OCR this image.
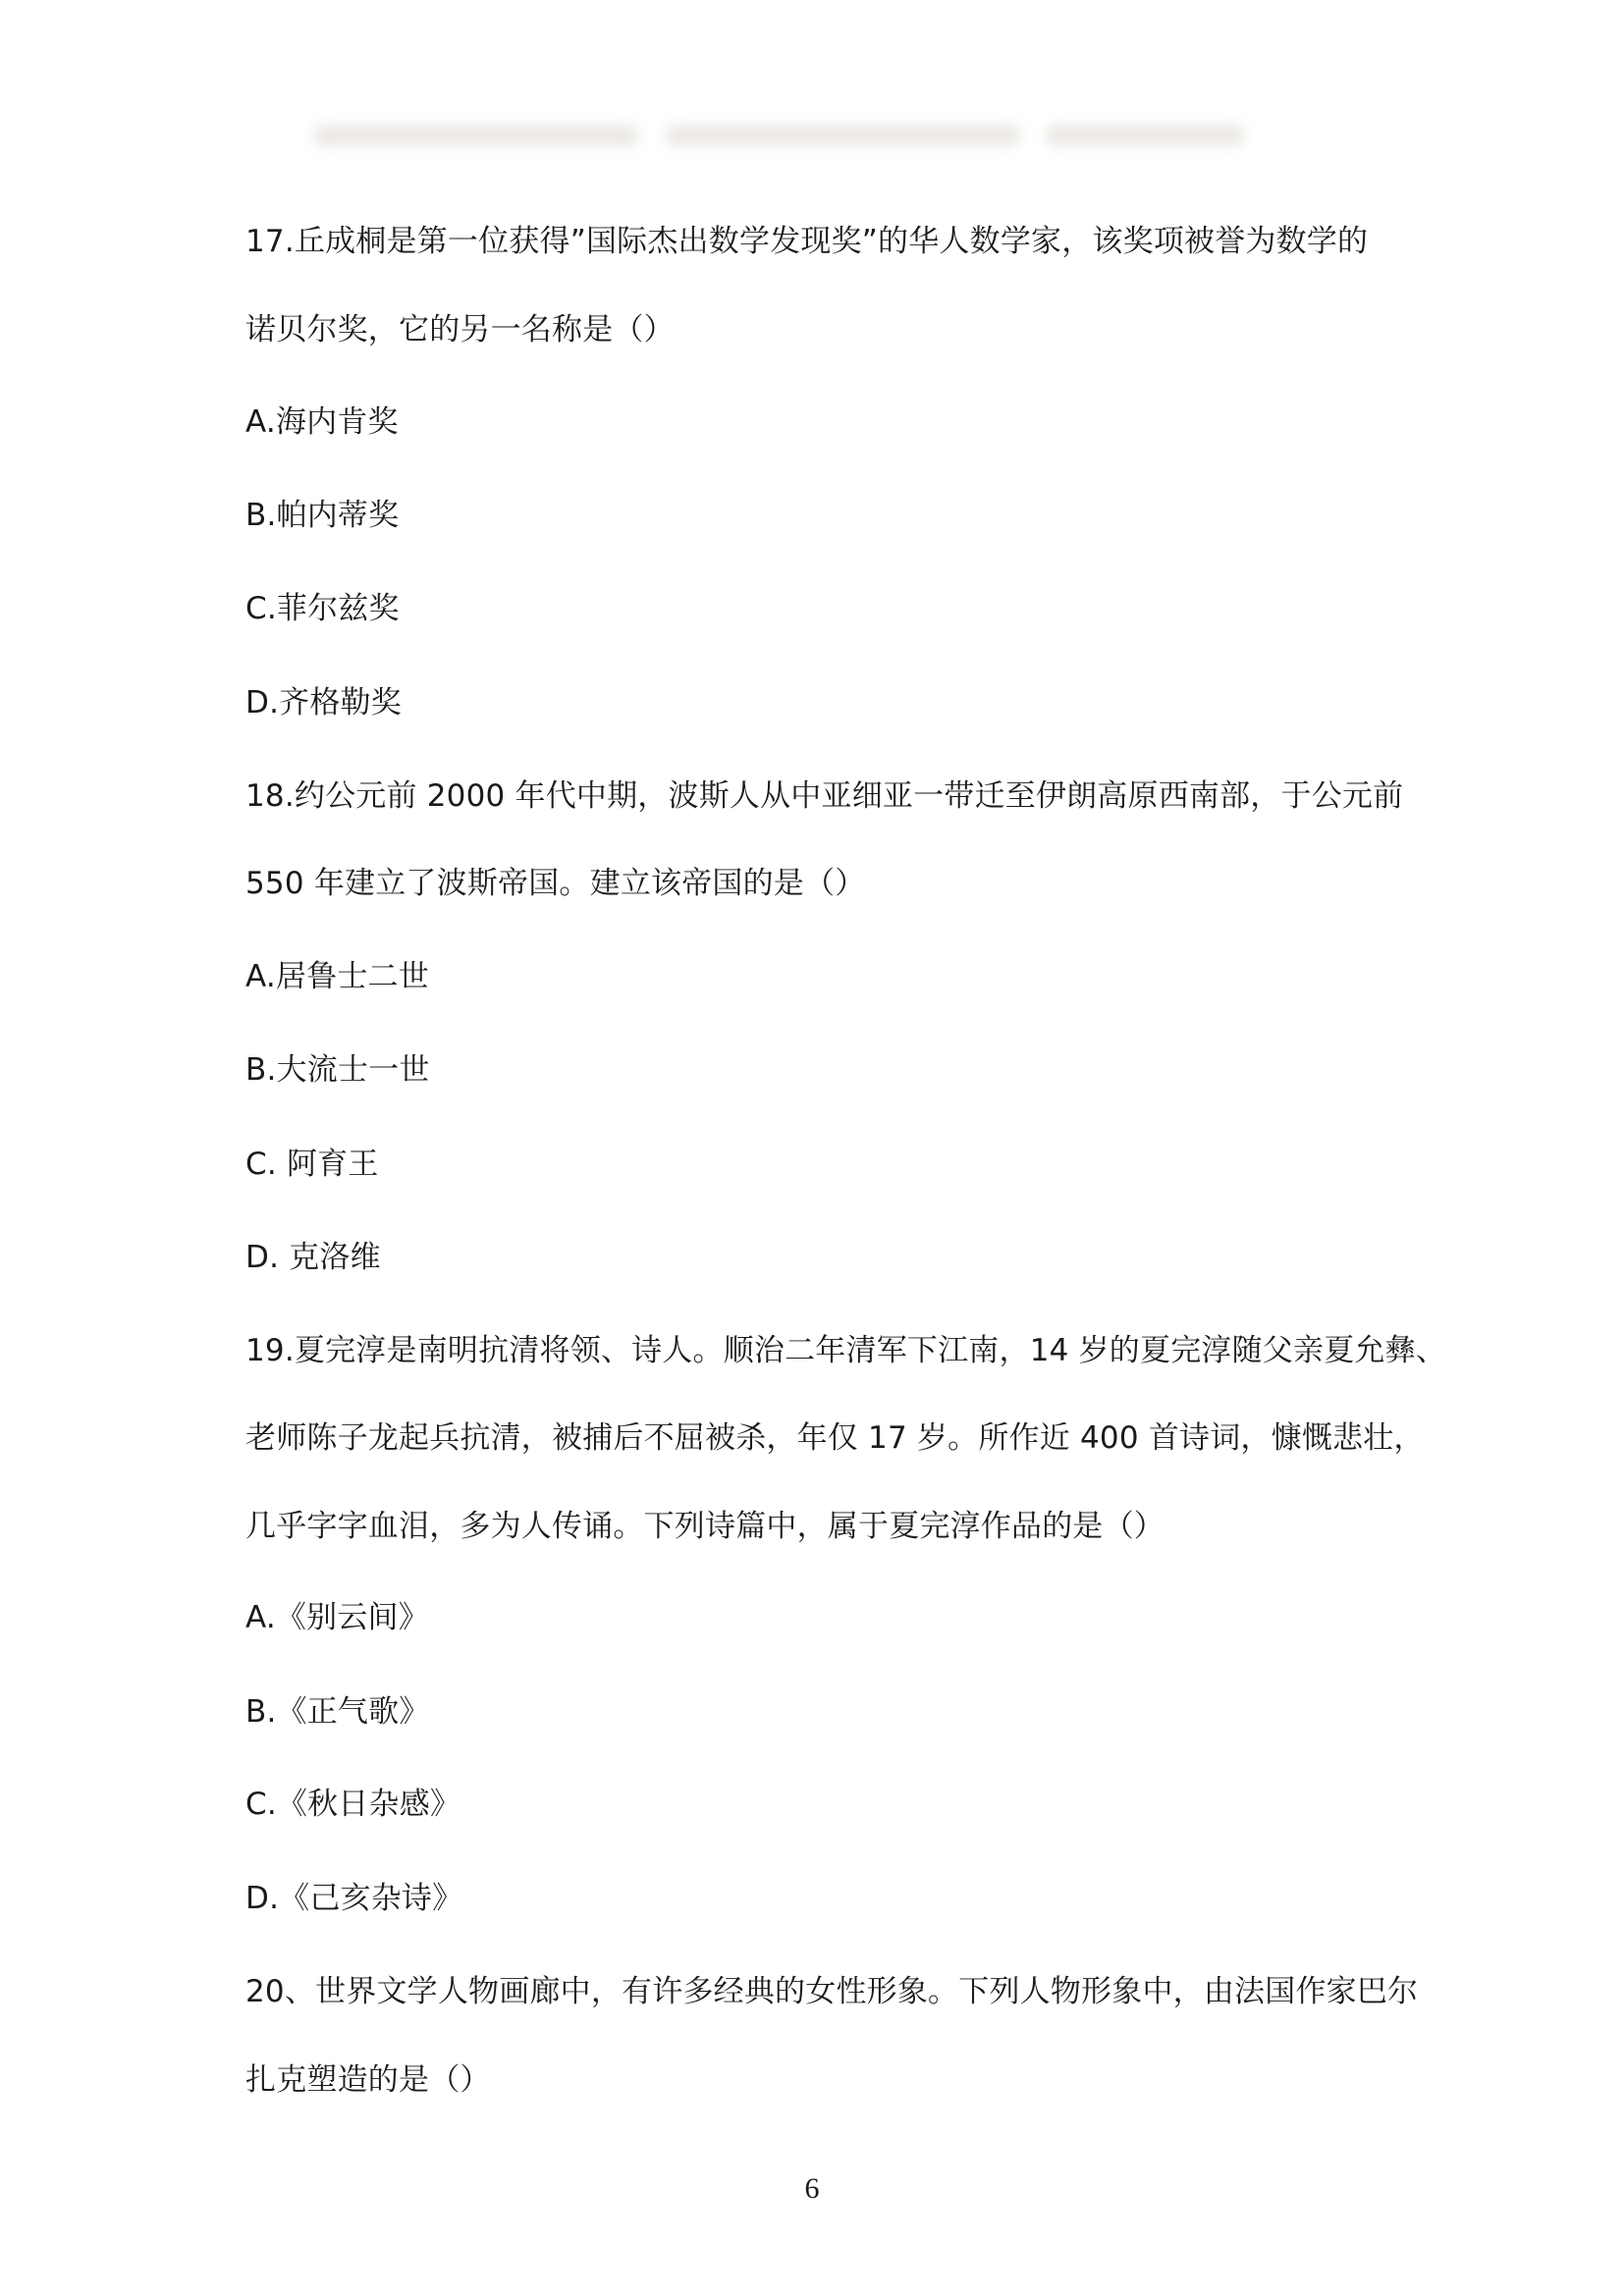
17.丘成桐是第一位获得”国际杰出数学发现奖”的华人数学家，该奖项被誉为数学的
诺贝尔奖，它的另一名称是（）
A.海内肯奖
B.帕内蒂奖
C.菲尔兹奖
D.齐格勒奖
18.约公元前 2000 年代中期，波斯人从中亚细亚一带迁至伊朗高原西南部，于公元前
550 年建立了波斯帝国。建立该帝国的是（）
A.居鲁士二世
B.大流士一世
C. 阿育王
D. 克洛维
19.夏完淳是南明抗清将领、诗人。顺治二年清军下江南，14 岁的夏完淳随父亲夏允彝、
老师陈子龙起兵抗清，被捕后不屈被杀，年仅 17 岁。所作近 400 首诗词，慷慨悲壮，
几乎字字血泪，多为人传诵。下列诗篇中，属于夏完淳作品的是（）
A.《别云间》
B.《正气歌》
C.《秋日杂感》
D.《己亥杂诗》
20、世界文学人物画廊中，有许多经典的女性形象。下列人物形象中，由法国作家巴尔
扎克塑造的是（）
6
